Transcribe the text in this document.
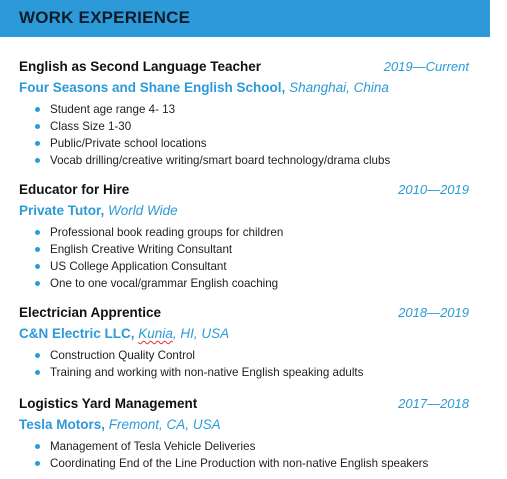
WORK EXPERIENCE
English as Second Language Teacher	2019—Current
Four Seasons and Shane English School, Shanghai, China
Student age range 4- 13
Class Size 1-30
Public/Private school locations
Vocab drilling/creative writing/smart board technology/drama clubs
Educator for Hire	2010—2019
Private Tutor, World Wide
Professional book reading groups for children
English Creative Writing Consultant
US College Application Consultant
One to one vocal/grammar English coaching
Electrician Apprentice	2018—2019
C&N Electric LLC, Kunia, HI, USA
Construction Quality Control
Training and working with non-native English speaking adults
Logistics Yard Management	2017—2018
Tesla Motors, Fremont, CA, USA
Management of Tesla Vehicle Deliveries
Coordinating End of the Line Production with non-native English speakers
